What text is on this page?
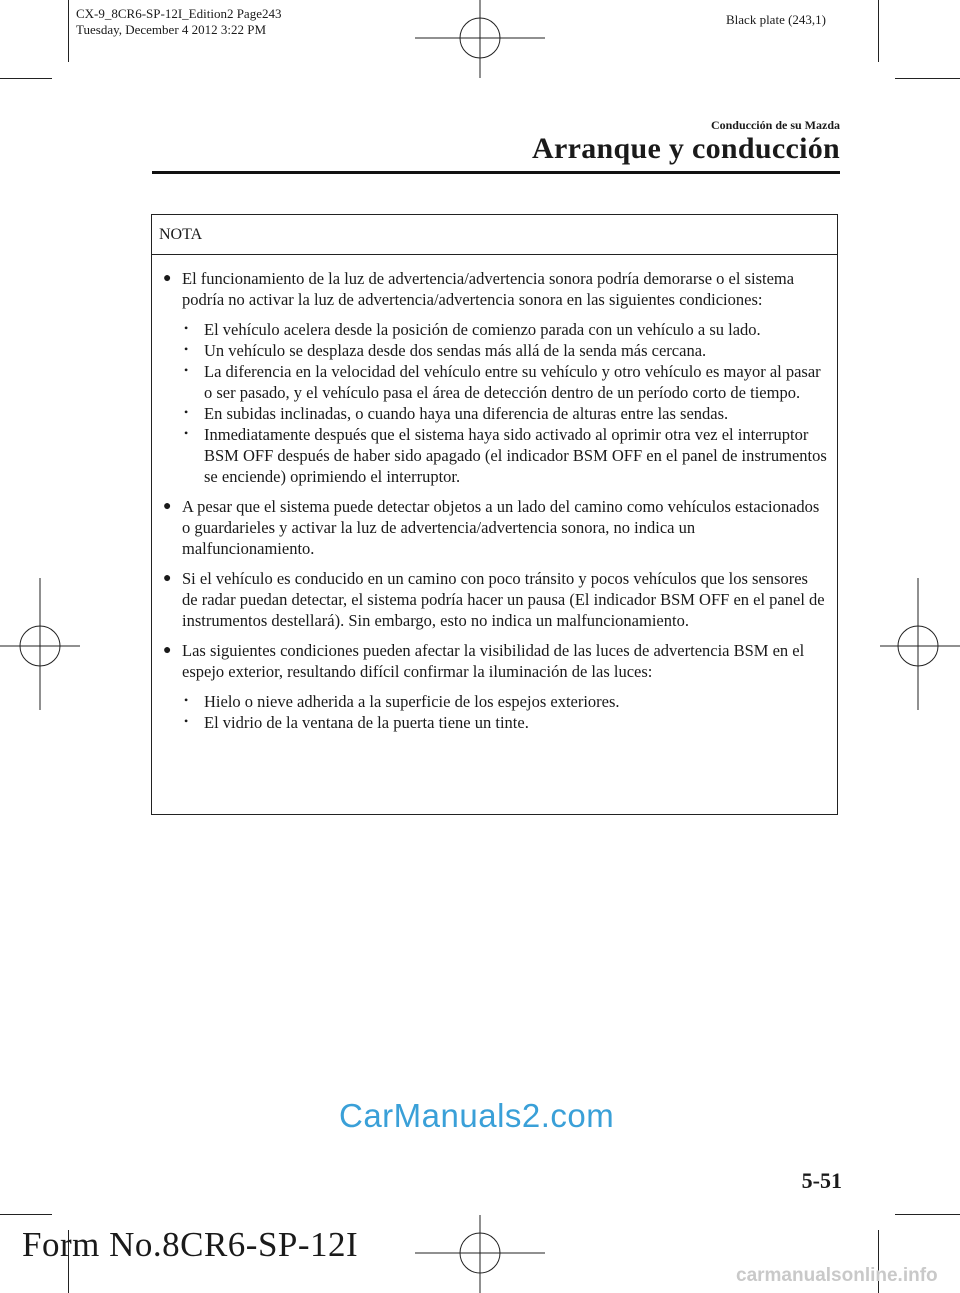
CX-9_8CR6-SP-12I_Edition2 Page243
Tuesday, December 4 2012 3:22 PM
Black plate (243,1)
Conducción de su Mazda
Arranque y conducción
NOTA
● El funcionamiento de la luz de advertencia/advertencia sonora podría demorarse o el sistema podría no activar la luz de advertencia/advertencia sonora en las siguientes condiciones:
• El vehículo acelera desde la posición de comienzo parada con un vehículo a su lado.
• Un vehículo se desplaza desde dos sendas más allá de la senda más cercana.
• La diferencia en la velocidad del vehículo entre su vehículo y otro vehículo es mayor al pasar o ser pasado, y el vehículo pasa el área de detección dentro de un período corto de tiempo.
• En subidas inclinadas, o cuando haya una diferencia de alturas entre las sendas.
• Inmediatamente después que el sistema haya sido activado al oprimir otra vez el interruptor BSM OFF después de haber sido apagado (el indicador BSM OFF en el panel de instrumentos se enciende) oprimiendo el interruptor.
● A pesar que el sistema puede detectar objetos a un lado del camino como vehículos estacionados o guardarieles y activar la luz de advertencia/advertencia sonora, no indica un malfuncionamiento.
● Si el vehículo es conducido en un camino con poco tránsito y pocos vehículos que los sensores de radar puedan detectar, el sistema podría hacer un pausa (El indicador BSM OFF en el panel de instrumentos destellará). Sin embargo, esto no indica un malfuncionamiento.
● Las siguientes condiciones pueden afectar la visibilidad de las luces de advertencia BSM en el espejo exterior, resultando difícil confirmar la iluminación de las luces:
• Hielo o nieve adherida a la superficie de los espejos exteriores.
• El vidrio de la ventana de la puerta tiene un tinte.
CarManuals2.com
5-51
Form No.8CR6-SP-12I
carmanualsonline.info
